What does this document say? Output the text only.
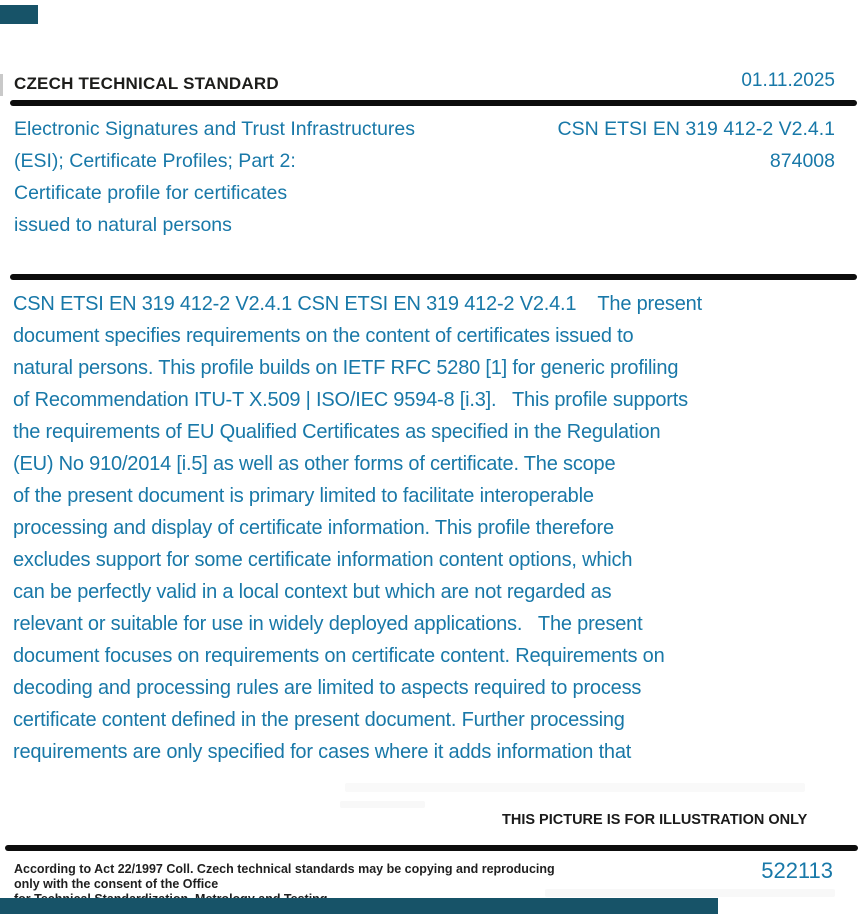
CZECH TECHNICAL STANDARD	01.11.2025
Electronic Signatures and Trust Infrastructures
(ESI); Certificate Profiles; Part 2:
Certificate profile for certificates
issued to natural persons
CSN ETSI EN 319 412-2 V2.4.1
874008
CSN ETSI EN 319 412-2 V2.4.1 CSN ETSI EN 319 412-2 V2.4.1    The present
document specifies requirements on the content of certificates issued to
natural persons. This profile builds on IETF RFC 5280 [1] for generic profiling
of Recommendation ITU-T X.509 | ISO/IEC 9594-8 [i.3].   This profile supports
the requirements of EU Qualified Certificates as specified in the Regulation
(EU) No 910/2014 [i.5] as well as other forms of certificate. The scope
of the present document is primary limited to facilitate interoperable
processing and display of certificate information. This profile therefore
excludes support for some certificate information content options, which
can be perfectly valid in a local context but which are not regarded as
relevant or suitable for use in widely deployed applications.   The present
document focuses on requirements on certificate content. Requirements on
decoding and processing rules are limited to aspects required to process
certificate content defined in the present document. Further processing
requirements are only specified for cases where it adds information that
THIS PICTURE IS FOR ILLUSTRATION ONLY
According to Act 22/1997 Coll. Czech technical standards may be copying and reproducing only with the consent of the Office
522113
